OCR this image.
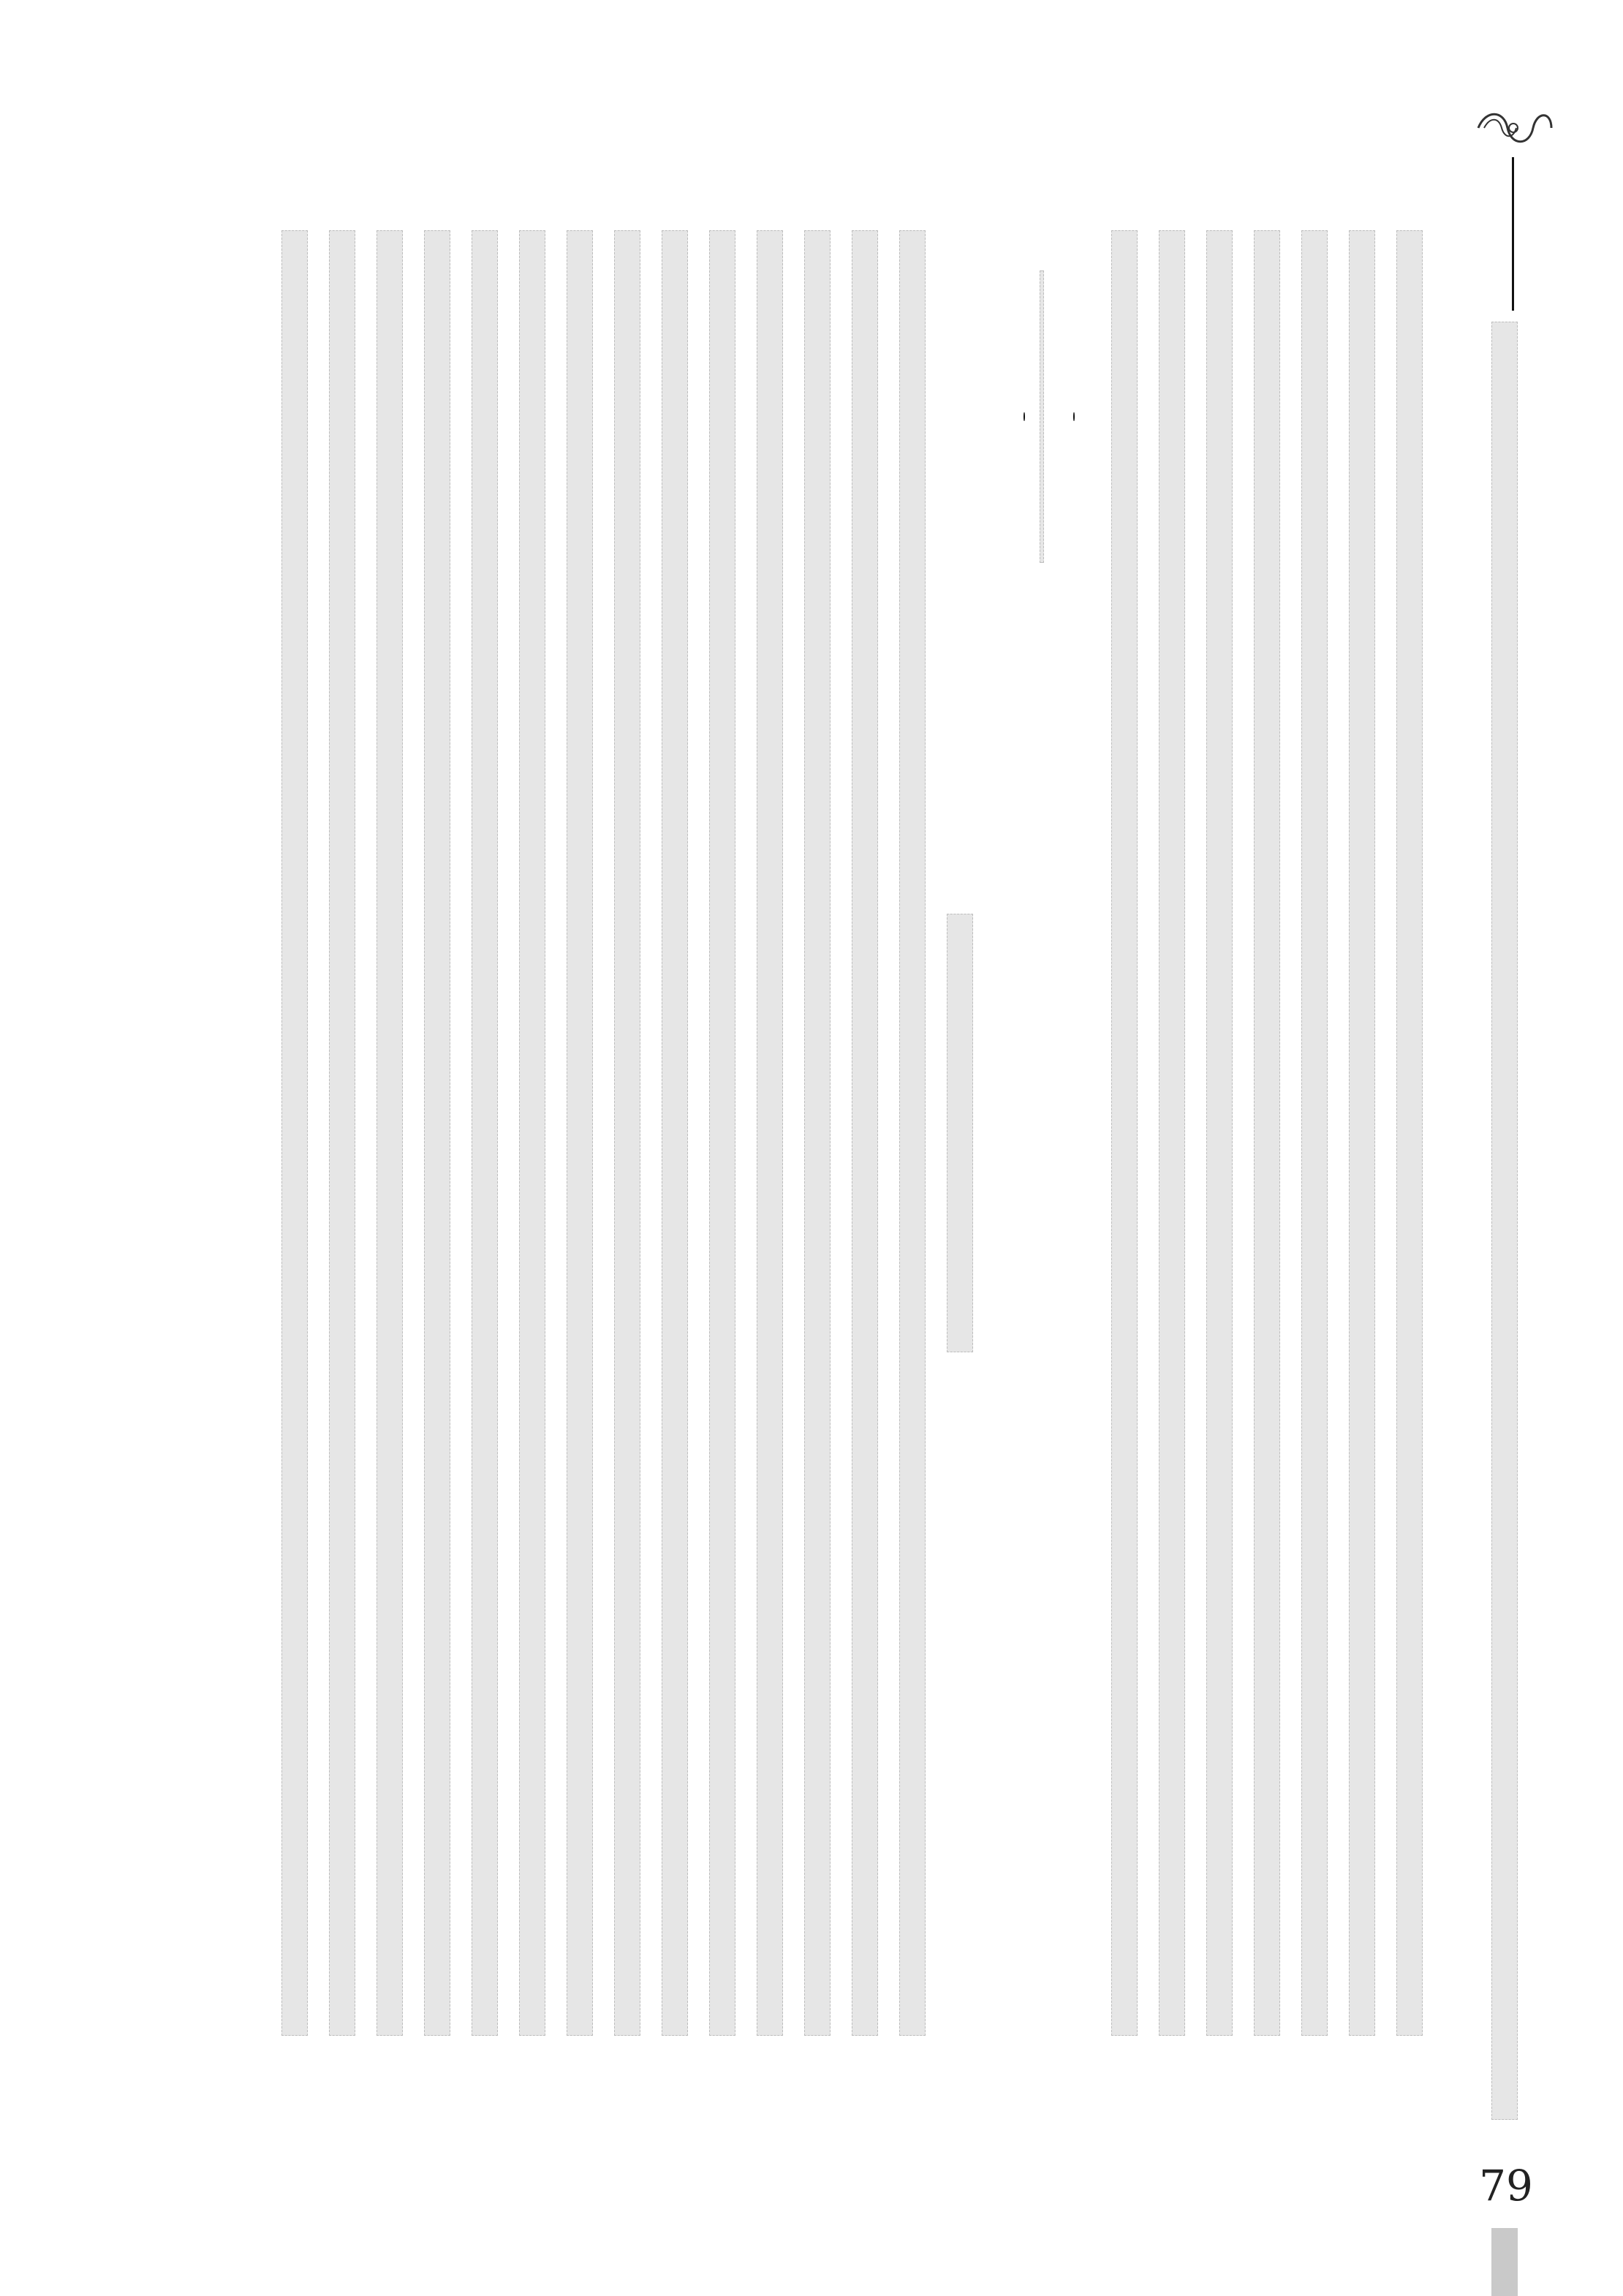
79
